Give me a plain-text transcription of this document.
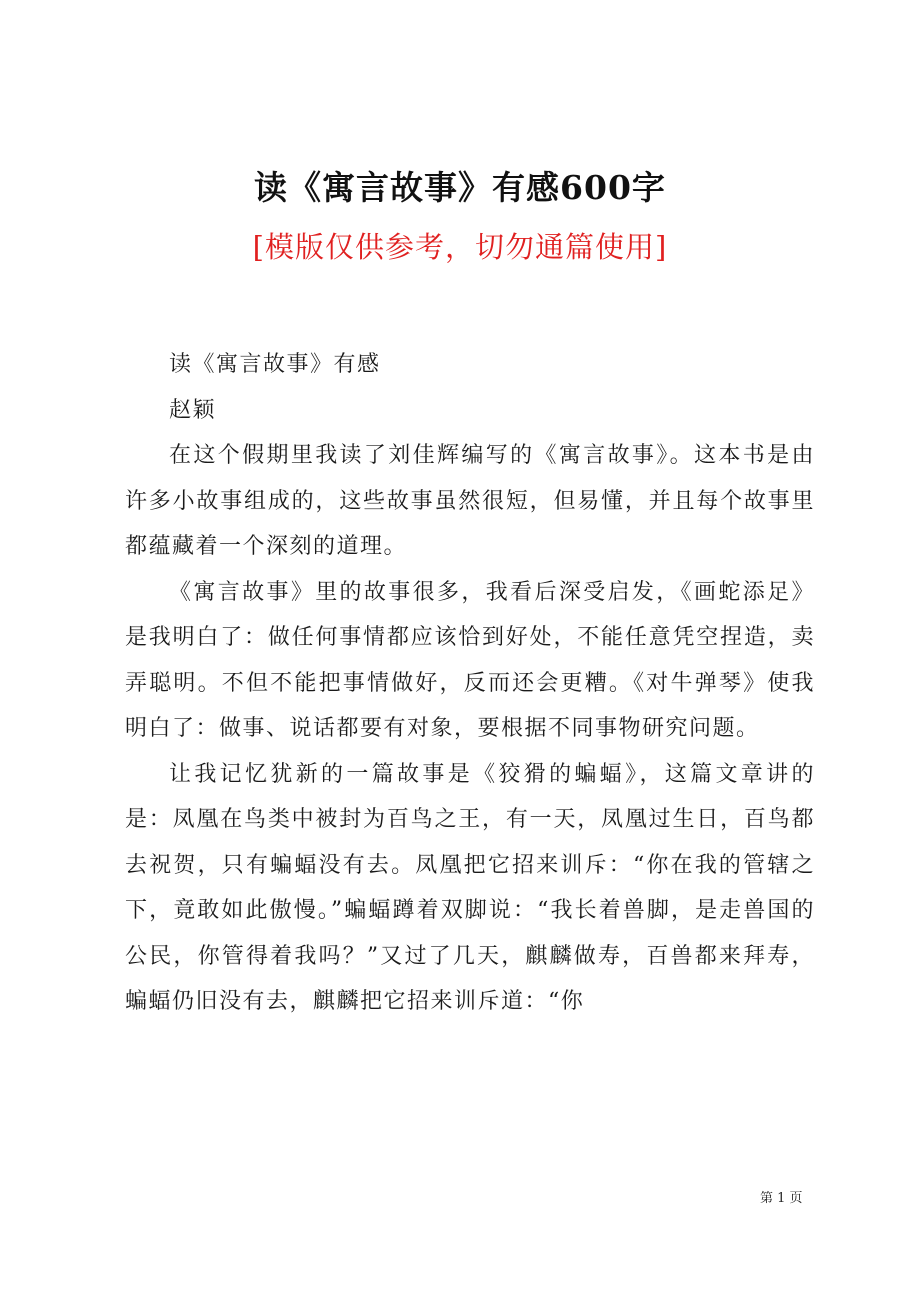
读《寓言故事》有感600字
[模版仅供参考，切勿通篇使用]

读《寓言故事》有感

赵颖

在这个假期里我读了刘佳辉编写的《寓言故事》。这本书是由许多小故事组成的，这些故事虽然很短，但易懂，并且每个故事里都蕴藏着一个深刻的道理。

《寓言故事》里的故事很多，我看后深受启发，《画蛇添足》是我明白了：做任何事情都应该恰到好处，不能任意凭空捏造，卖弄聪明。不但不能把事情做好，反而还会更糟。《对牛弹琴》使我明白了：做事、说话都要有对象，要根据不同事物研究问题。

让我记忆犹新的一篇故事是《狡猾的蝙蝠》，这篇文章讲的是：凤凰在鸟类中被封为百鸟之王，有一天，凤凰过生日，百鸟都去祝贺，只有蝙蝠没有去。凤凰把它招来训斥：“你在我的管辖之下，竟敢如此傲慢。”蝙蝠蹲着双脚说：“我长着兽脚，是走兽国的公民，你管得着我吗？”又过了几天，麒麟做寿，百兽都来拜寿，蝙蝠仍旧没有去，麒麟把它招来训斥道：“你

第 1 页
